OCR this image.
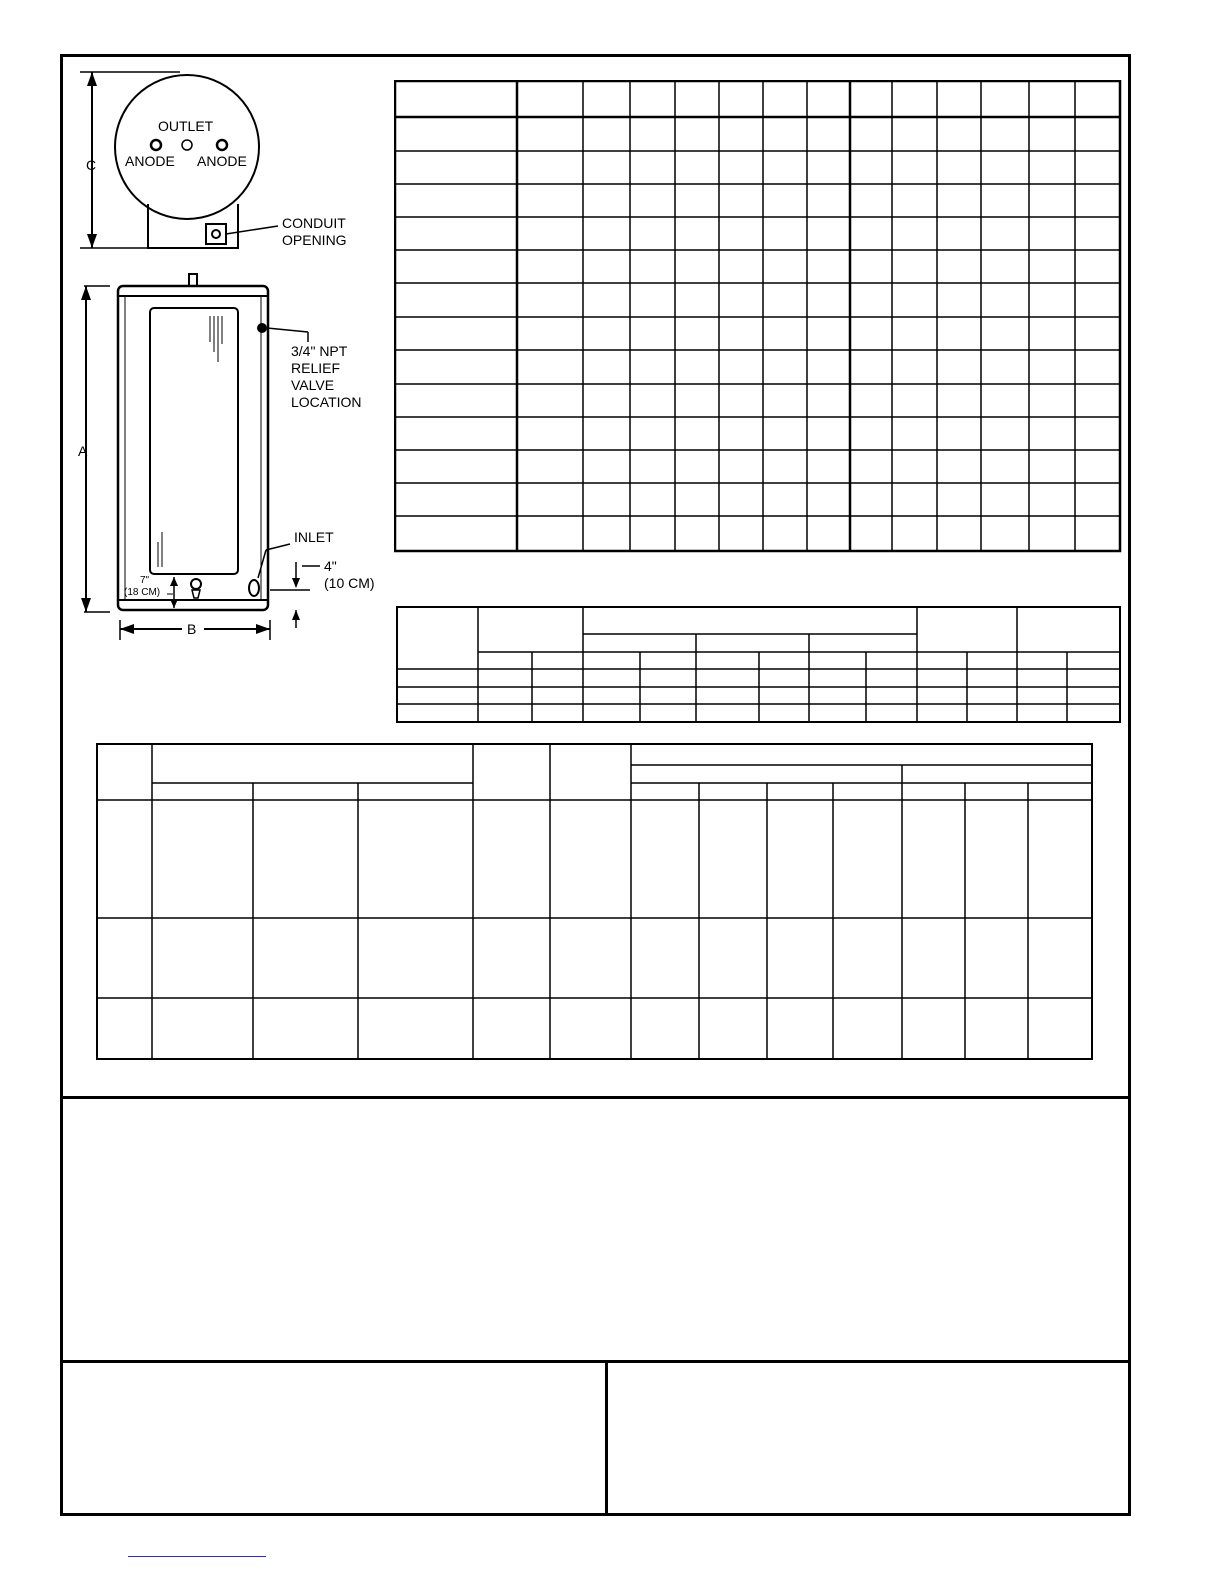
C
OUTLET
ANODE ANODE
CONDUIT
OPENING
A
B
3/4" NPT
RELIEF
VALVE
LOCATION
INLET
4"
(10 CM)
7"
(18 CM)
